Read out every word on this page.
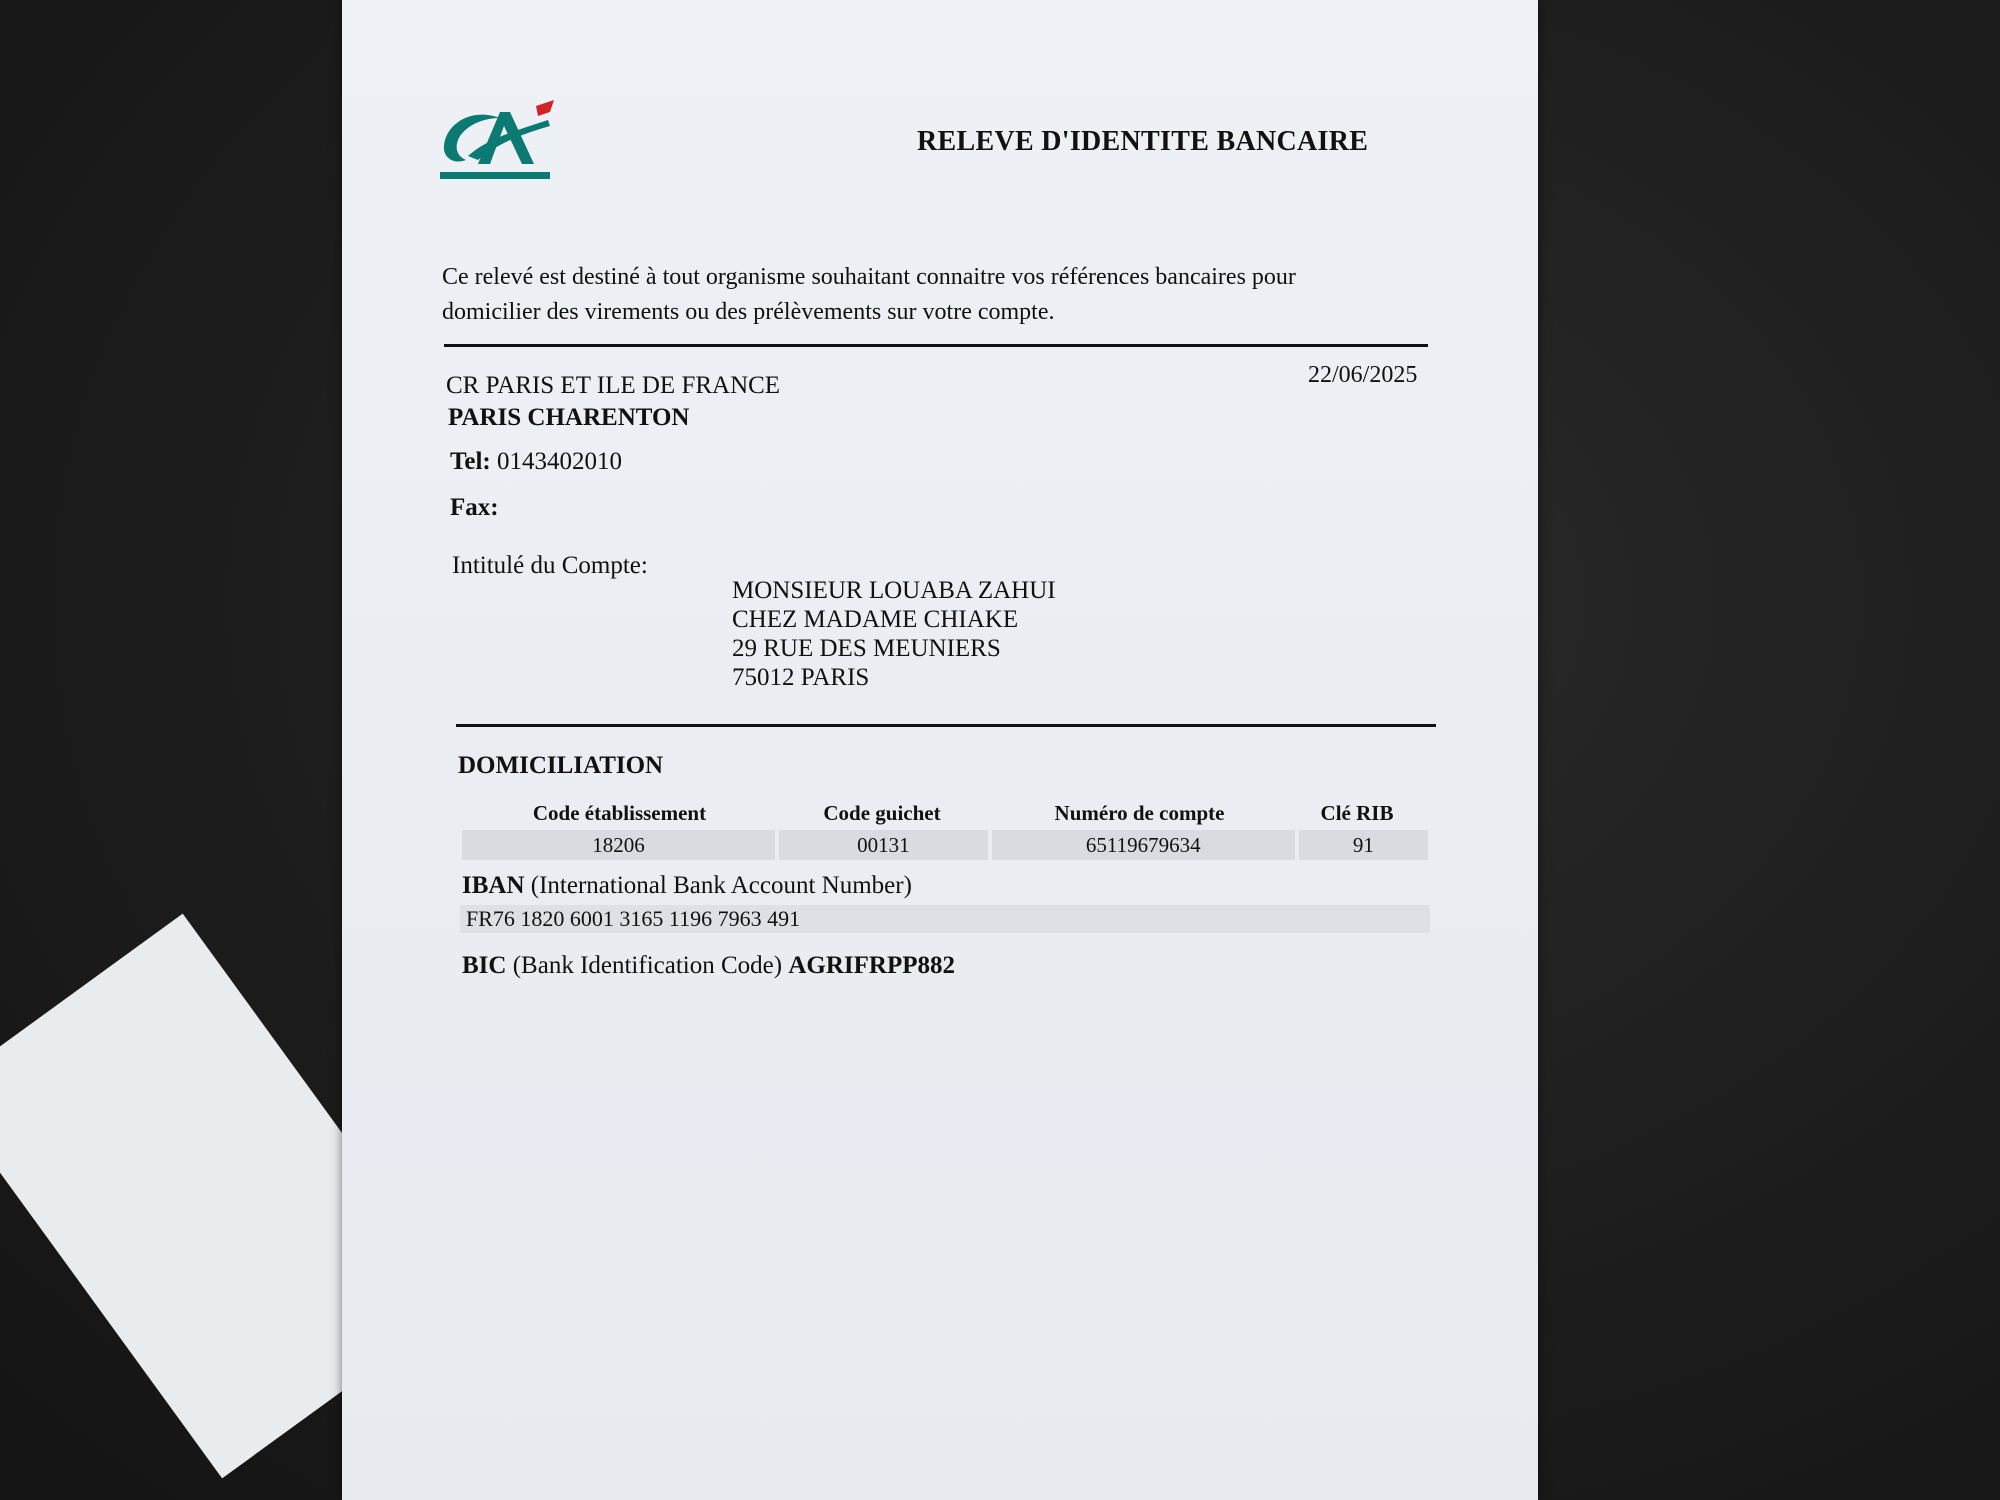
RELEVE D'IDENTITE BANCAIRE
Ce relevé est destiné à tout organisme souhaitant connaitre vos références bancaires pour
domicilier des virements ou des prélèvements sur votre compte.
CR PARIS ET ILE DE FRANCE
PARIS CHARENTON
22/06/2025
Tel: 0143402010
Fax:
Intitulé du Compte:
MONSIEUR LOUABA ZAHUI
CHEZ MADAME CHIAKE
29 RUE DES MEUNIERS
75012 PARIS
DOMICILIATION
Code établissement	Code guichet	Numéro de compte	Clé RIB
18206	00131	65119679634	91
IBAN (International Bank Account Number)
FR76 1820 6001 3165 1196 7963 491
BIC (Bank Identification Code) AGRIFRPP882
